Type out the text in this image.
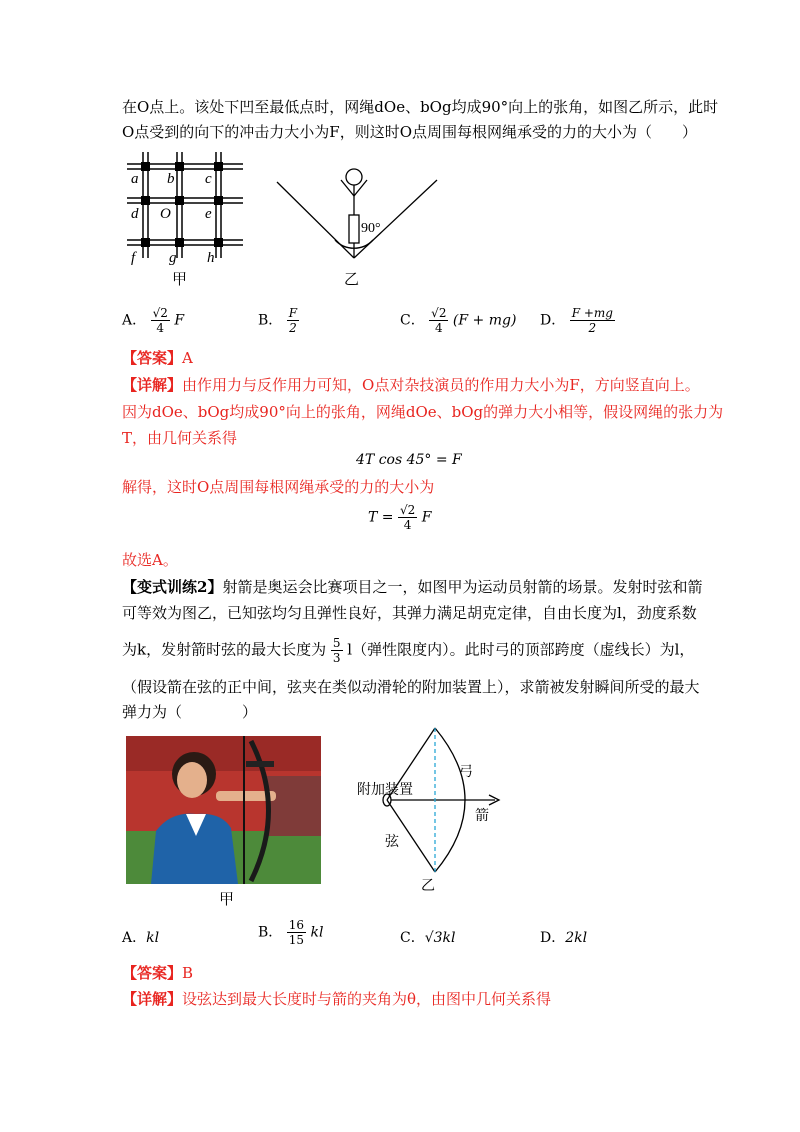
在O点上。该处下凹至最低点时，网绳dOe、bOg均成90°向上的张角，如图乙所示，此时
O点受到的向下的冲击力大小为F，则这时O点周围每根网绳承受的力的大小为（　　）
a b c
d O e
f g h
甲
90°
乙
A． $\frac{√2}{4}$ F	B． $\frac{F}{2}$	C． $\frac{√2}{4} (F + mg)$ D． $\frac{F +mg}{2}$
【答案】A
【详解】由作用力与反作用力可知，O点对杂技演员的作用力大小为F，方向竖直向上。
因为dOe、bOg均成90°向上的张角，网绳dOe、bOg的弹力大小相等，假设网绳的张力为
T，由几何关系得
4T cos 45° = F
解得，这时O点周围每根网绳承受的力的大小为
$T = \frac{√2}{4}$ F
故选A。
【变式训练2】射箭是奥运会比赛项目之一，如图甲为运动员射箭的场景。发射时弦和箭
可等效为图乙，已知弦均匀且弹性良好，其弹力满足胡克定律，自由长度为l，劲度系数
为k，发射箭时弦的最大长度为 $\frac{5}{3} l$（弹性限度内）。此时弓的顶部跨度（虚线长）为l，
（假设箭在弦的正中间，弦夹在类似动滑轮的附加装置上），求箭被发射瞬间所受的最大
弹力为（　　　　）
甲
附加装置
弓
箭
弦
乙
A．kl	B． $\frac{16}{15}$ kl	C．√3kl	D．2kl
【答案】B
【详解】设弦达到最大长度时与箭的夹角为θ，由图中几何关系得
